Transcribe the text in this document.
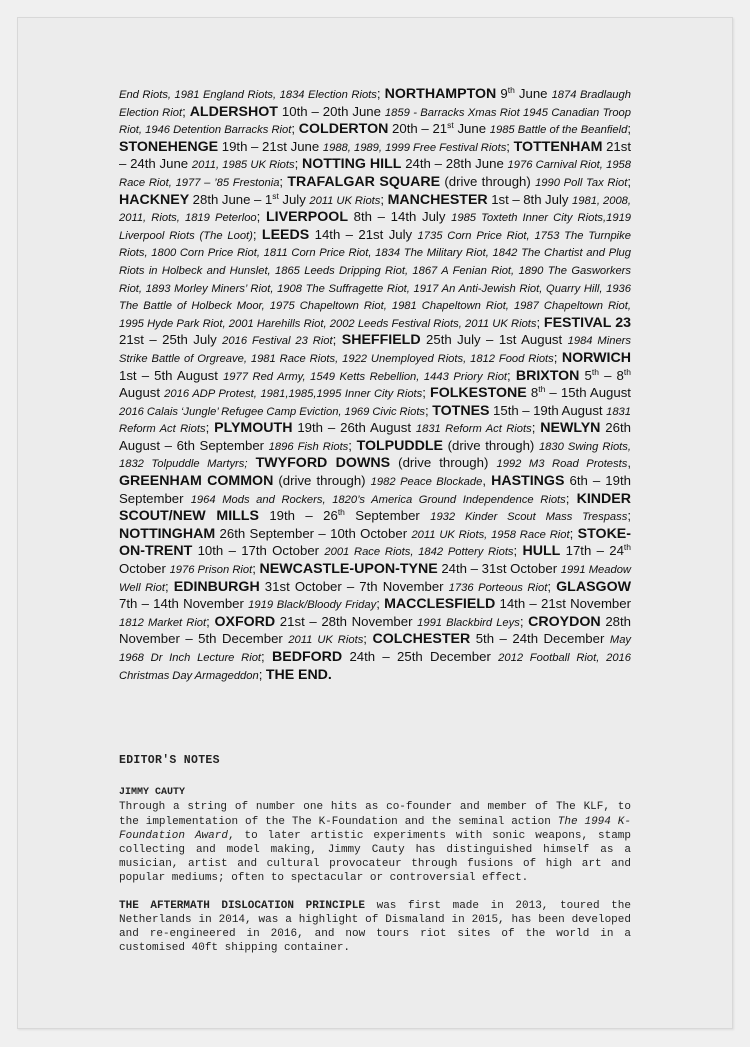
End Riots, 1981 England Riots, 1834 Election Riots; NORTHAMPTON 9th June 1874 Bradlaugh Election Riot; ALDERSHOT 10th – 20th June 1859 - Barracks Xmas Riot 1945 Canadian Troop Riot, 1946 Detention Barracks Riot; COLDERTON 20th – 21st June 1985 Battle of the Beanfield; STONEHENGE 19th – 21st June 1988, 1989, 1999 Free Festival Riots; TOTTENHAM 21st – 24th June 2011, 1985 UK Riots; NOTTING HILL 24th – 28th June 1976 Carnival Riot, 1958 Race Riot, 1977 – ’85 Frestonia; TRAFALGAR SQUARE (drive through) 1990 Poll Tax Riot; HACKNEY 28th June – 1st July 2011 UK Riots; MANCHESTER 1st – 8th July 1981, 2008, 2011, Riots, 1819 Peterloo; LIVERPOOL 8th – 14th July 1985 Toxteth Inner City Riots,1919 Liverpool Riots (The Loot); LEEDS 14th – 21st July 1735 Corn Price Riot, 1753 The Turnpike Riots, 1800 Corn Price Riot, 1811 Corn Price Riot, 1834 The Military Riot, 1842 The Chartist and Plug Riots in Holbeck and Hunslet, 1865 Leeds Dripping Riot, 1867 A Fenian Riot, 1890 The Gasworkers Riot, 1893 Morley Miners’ Riot, 1908 The Suffragette Riot, 1917 An Anti-Jewish Riot, Quarry Hill, 1936 The Battle of Holbeck Moor, 1975 Chapeltown Riot, 1981 Chapeltown Riot, 1987 Chapeltown Riot, 1995 Hyde Park Riot, 2001 Harehills Riot, 2002 Leeds Festival Riots, 2011 UK Riots; FESTIVAL 23 21st – 25th July 2016 Festival 23 Riot; SHEFFIELD 25th July – 1st August 1984 Miners Strike Battle of Orgreave, 1981 Race Riots, 1922 Unemployed Riots, 1812 Food Riots; NORWICH 1st – 5th August 1977 Red Army, 1549 Ketts Rebellion, 1443 Priory Riot; BRIXTON 5th – 8th August 2016 ADP Protest, 1981,1985,1995 Inner City Riots; FOLKESTONE 8th – 15th August 2016 Calais ‘Jungle’ Refugee Camp Eviction, 1969 Civic Riots; TOTNES 15th – 19th August 1831 Reform Act Riots; PLYMOUTH 19th – 26th August 1831 Reform Act Riots; NEWLYN 26th August – 6th September 1896 Fish Riots; TOLPUDDLE (drive through) 1830 Swing Riots, 1832 Tolpuddle Martyrs; TWYFORD DOWNS (drive through) 1992 M3 Road Protests, GREENHAM COMMON (drive through) 1982 Peace Blockade, HASTINGS 6th – 19th September 1964 Mods and Rockers, 1820’s America Ground Independence Riots; KINDER SCOUT/NEW MILLS 19th – 26th September 1932 Kinder Scout Mass Trespass; NOTTINGHAM 26th September – 10th October 2011 UK Riots, 1958 Race Riot; STOKE-ON-TRENT 10th – 17th October 2001 Race Riots, 1842 Pottery Riots; HULL 17th – 24th October 1976 Prison Riot; NEWCASTLE-UPON-TYNE 24th – 31st October 1991 Meadow Well Riot; EDINBURGH 31st October – 7th November 1736 Porteous Riot; GLASGOW 7th – 14th November 1919 Black/Bloody Friday; MACCLESFIELD 14th – 21st November 1812 Market Riot; OXFORD 21st – 28th November 1991 Blackbird Leys; CROYDON 28th November – 5th December 2011 UK Riots; COLCHESTER 5th – 24th December May 1968 Dr Inch Lecture Riot; BEDFORD 24th – 25th December 2012 Football Riot, 2016 Christmas Day Armageddon; THE END.
EDITOR'S NOTES
JIMMY CAUTY

Through a string of number one hits as co-founder and member of The KLF, to the implementation of the The K-Foundation and the seminal action The 1994 K-Foundation Award, to later artistic experiments with sonic weapons, stamp collecting and model making, Jimmy Cauty has distinguished himself as a musician, artist and cultural provocateur through fusions of high art and popular mediums; often to spectacular or controversial effect.

THE AFTERMATH DISLOCATION PRINCIPLE was first made in 2013, toured the Netherlands in 2014, was a highlight of Dismaland in 2015, has been developed and re-engineered in 2016, and now tours riot sites of the world in a customised 40ft shipping container.
